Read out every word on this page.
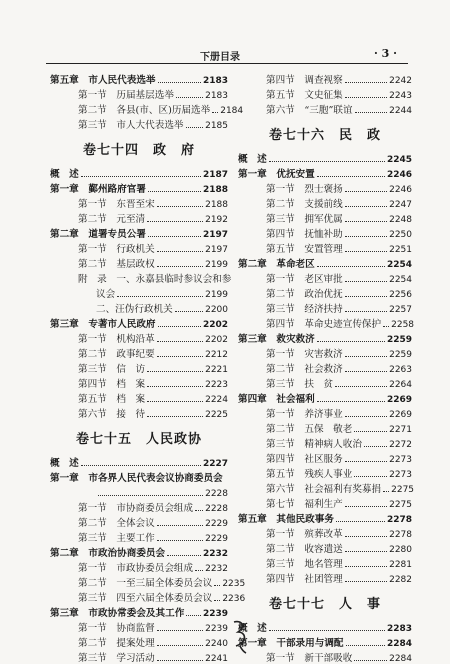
下册目录	· 3 ·
第五章　 市人民代表选举	2183
第一节　 历届基层选举	2183
第二节　 各县(市、区)历届选举 2184
第三节　 市人大代表选举 2185
卷七十四　政　府
概　述	2187
第一章　 鄞州路府官署	2188
第一节　 东晋至宋	2188
第二节　 元至清	2192
第二章　 道署专员公署	2197
第一节　 行政机关	2197
第二节　 基层政权	2199
附　录　 一、永嘉县临时参议会和参
议会	2199
二、汪伪行政机关	2200
第三章　 专著市人民政府	2202
第一节　 机构沿革	2202
第二节　 政事纪要	2212
第三节　 信　访	2221
第四节　 档　案	2223
第五节　 档　案	2224
第六节　 接　待	2225
卷七十五　人民政协
概　述	2227
第一章　 市各界人民代表会议协商委员会
2228
第一节　 市协商委员会组成 2228
第二节　 全体会议	2229
第三节　 主要工作	2229
第二章　 市政治协商委员会	2232
第一节　 市政协委员会组成 2232
第二节　 一至三届全体委员会议 2235
第三节　 四至六届全体委员会议 2236
第三章　 市政协常委会及其工作 2239
第一节　 协商监督	2239
第二节　 提案处理	2240
第三节　 学习活动	2241
第四节　 调查视察	2242
第五节　 文史征集	2243
第六节　 “三胞”联谊	2244
卷七十六　民　政
概　述	2245
第一章　 优抚安置	2246
第一节　 烈士褒扬	2246
第二节　 支援前线	2247
第三节　 拥军优属	2248
第四节　 抚恤补助	2250
第五节　 安置管理	2251
第二章　 革命老区	2254
第一节　 老区审批	2254
第二节　 政治优抚	2256
第三节　 经济扶持	2257
第四节　 革命史迹宣传保护 2258
第三章　 救灾救济	2259
第一节　 灾害救济	2259
第二节　 社会救济	2263
第三节　 扶　贫	2264
第四章　 社会福利	2269
第一节　 养济事业	2269
第二节　 五保　敬老	2271
第三节　 精神病人收治	2272
第四节　 社区服务	2273
第五节　 残疾人事业	2273
第六节　 社会福利有奖募捐 2275
第七节　 福利生产	2275
第五章　 其他民政事务	2278
第一节　 殡葬改革	2278
第二节　 收容遣送	2280
第三节　 地名管理	2281
第四节　 社团管理	2282
卷七十七　人　事
概　述	2283
第一章　 干部录用与调配	2284
第一节　 新干部吸收	2284
